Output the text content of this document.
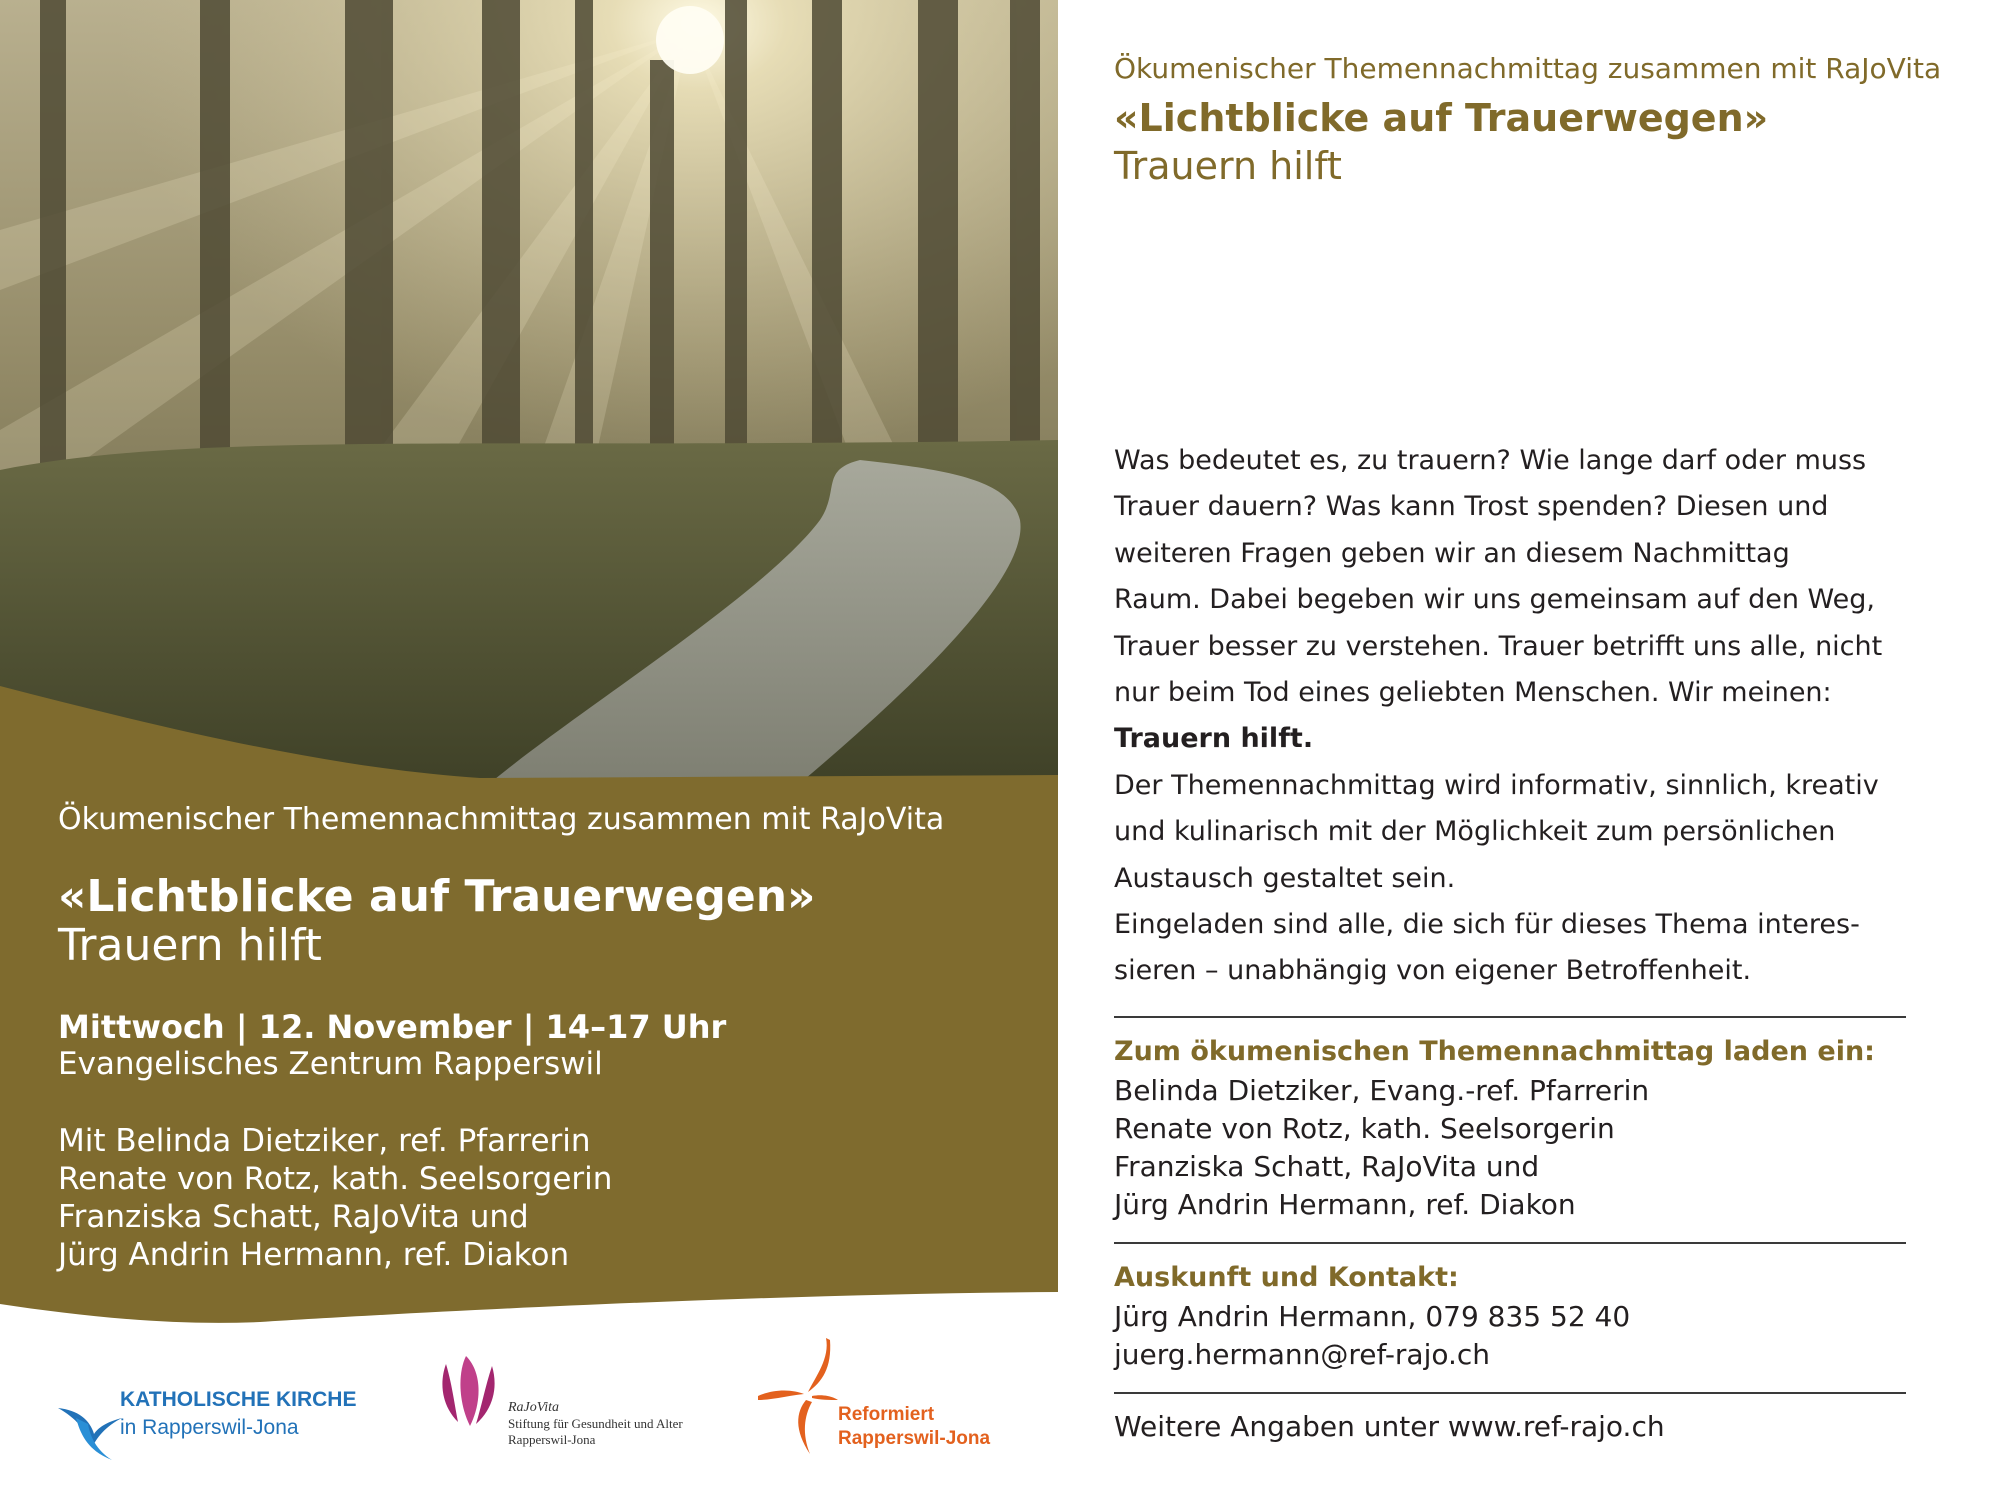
Ökumenischer Themennachmittag zusammen mit RaJoVita
«Lichtblicke auf Trauerwegen»
Trauern hilft
Mittwoch | 12. November | 14–17 Uhr
Evangelisches Zentrum Rapperswil
Mit Belinda Dietziker, ref. Pfarrerin
Renate von Rotz, kath. Seelsorgerin
Franziska Schatt, RaJoVita und
Jürg Andrin Hermann, ref. Diakon
KATHOLISCHE KIRCHE
in Rapperswil-Jona
RaJoVita
Stiftung für Gesundheit und Alter
Rapperswil-Jona
Reformiert
Rapperswil-Jona
Ökumenischer Themennachmittag zusammen mit RaJoVita
«Lichtblicke auf Trauerwegen»
Trauern hilft
Was bedeutet es, zu trauern? Wie lange darf oder muss
Trauer dauern? Was kann Trost spenden? Diesen und
weiteren Fragen geben wir an diesem Nachmittag
Raum. Dabei begeben wir uns gemeinsam auf den Weg,
Trauer besser zu verstehen. Trauer betrifft uns alle, nicht
nur beim Tod eines geliebten Menschen. Wir meinen:
Trauern hilft.
Der Themennachmittag wird informativ, sinnlich, kreativ
und kulinarisch mit der Möglichkeit zum persönlichen
Austausch gestaltet sein.
Eingeladen sind alle, die sich für dieses Thema interes-
sieren – unabhängig von eigener Betroffenheit.
Zum ökumenischen Themennachmittag laden ein:
Belinda Dietziker, Evang.-ref. Pfarrerin
Renate von Rotz, kath. Seelsorgerin
Franziska Schatt, RaJoVita und
Jürg Andrin Hermann, ref. Diakon
Auskunft und Kontakt:
Jürg Andrin Hermann, 079 835 52 40
juerg.hermann@ref-rajo.ch
Weitere Angaben unter www.ref-rajo.ch
